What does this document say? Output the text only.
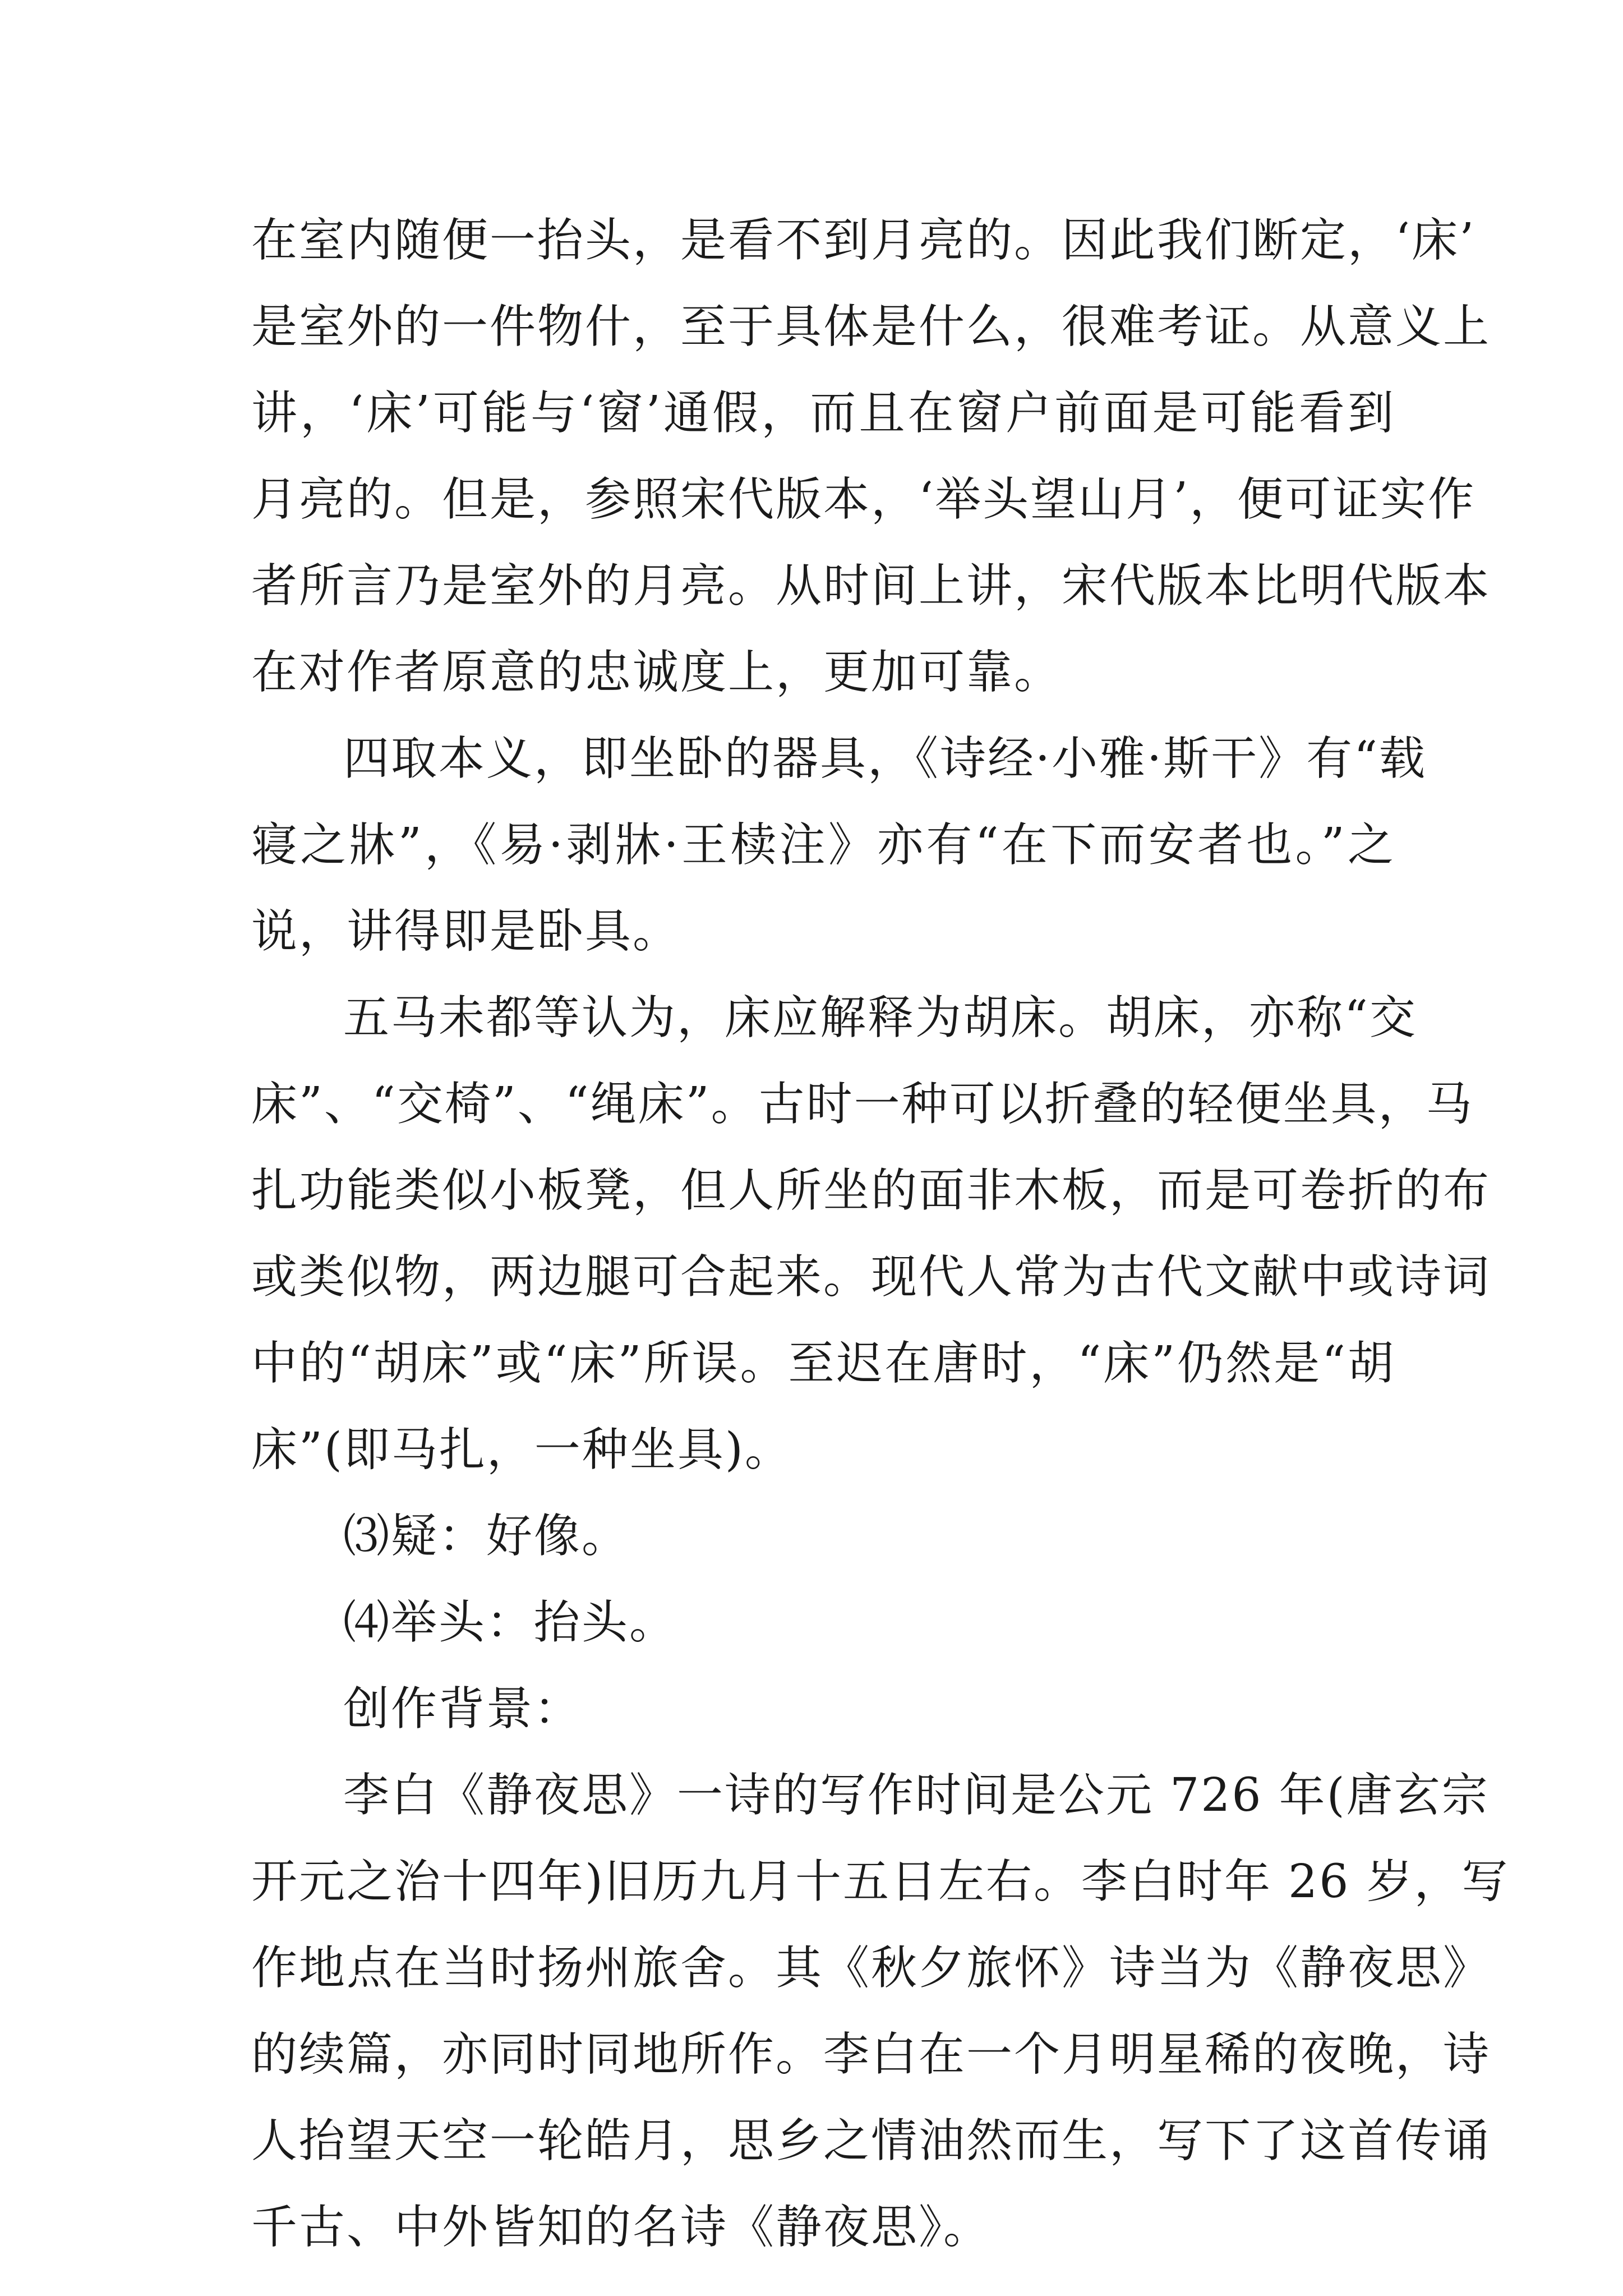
在室内随便一抬头，是看不到月亮的。因此我们断定，‘床’
是室外的一件物什，至于具体是什么，很难考证。从意义上
讲，‘床’可能与‘窗’通假，而且在窗户前面是可能看到
月亮的。但是，参照宋代版本，‘举头望山月’，便可证实作
者所言乃是室外的月亮。从时间上讲，宋代版本比明代版本
在对作者原意的忠诚度上，更加可靠。
四取本义，即坐卧的器具，《诗经·小雅·斯干》有“载
寝之牀”，《易·剥牀·王椟注》亦有“在下而安者也。”之
说，讲得即是卧具。
五马未都等认为，床应解释为胡床。胡床，亦称“交
床”、“交椅”、“绳床”。古时一种可以折叠的轻便坐具，马
扎功能类似小板凳，但人所坐的面非木板，而是可卷折的布
或类似物，两边腿可合起来。现代人常为古代文献中或诗词
中的“胡床”或“床”所误。至迟在唐时，“床”仍然是“胡
床”(即马扎，一种坐具)。
⑶疑：好像。
⑷举头：抬头。
创作背景：
李白《静夜思》一诗的写作时间是公元 726 年(唐玄宗
开元之治十四年)旧历九月十五日左右。李白时年 26 岁，写
作地点在当时扬州旅舍。其《秋夕旅怀》诗当为《静夜思》
的续篇，亦同时同地所作。李白在一个月明星稀的夜晚，诗
人抬望天空一轮皓月，思乡之情油然而生，写下了这首传诵
千古、中外皆知的名诗《静夜思》。
